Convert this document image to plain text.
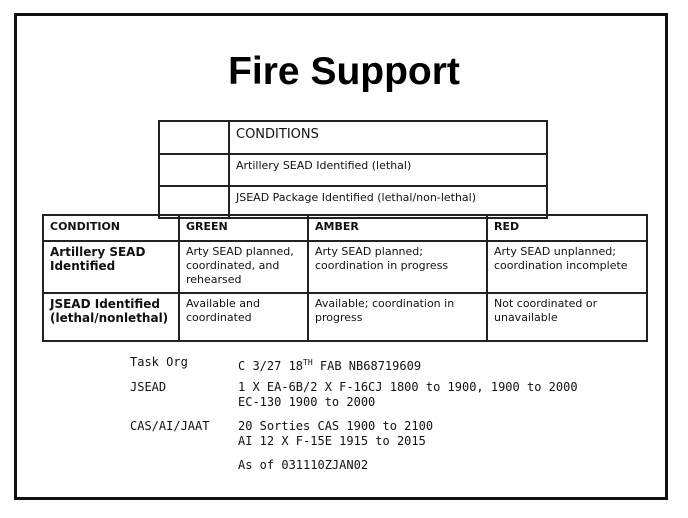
Fire Support
	CONDITIONS
	Artillery SEAD Identified (lethal)
	JSEAD Package Identified (lethal/non-lethal)
CONDITION	GREEN	AMBER	RED
Artillery SEAD Identified	Arty SEAD planned, coordinated, and rehearsed	Arty SEAD planned; coordination in progress	Arty SEAD unplanned; coordination incomplete
JSEAD Identified (lethal/nonlethal)	Available and coordinated	Available; coordination in progress	Not coordinated or unavailable
Task Org	C 3/27 18TH FAB NB68719609
JSEAD	1 X EA-6B/2 X F-16CJ 1800 to 1900, 1900 to 2000
EC-130 1900 to 2000
CAS/AI/JAAT 20 Sorties CAS 1900 to 2100
AI 12 X F-15E 1915 to 2015
As of 031110ZJAN02
